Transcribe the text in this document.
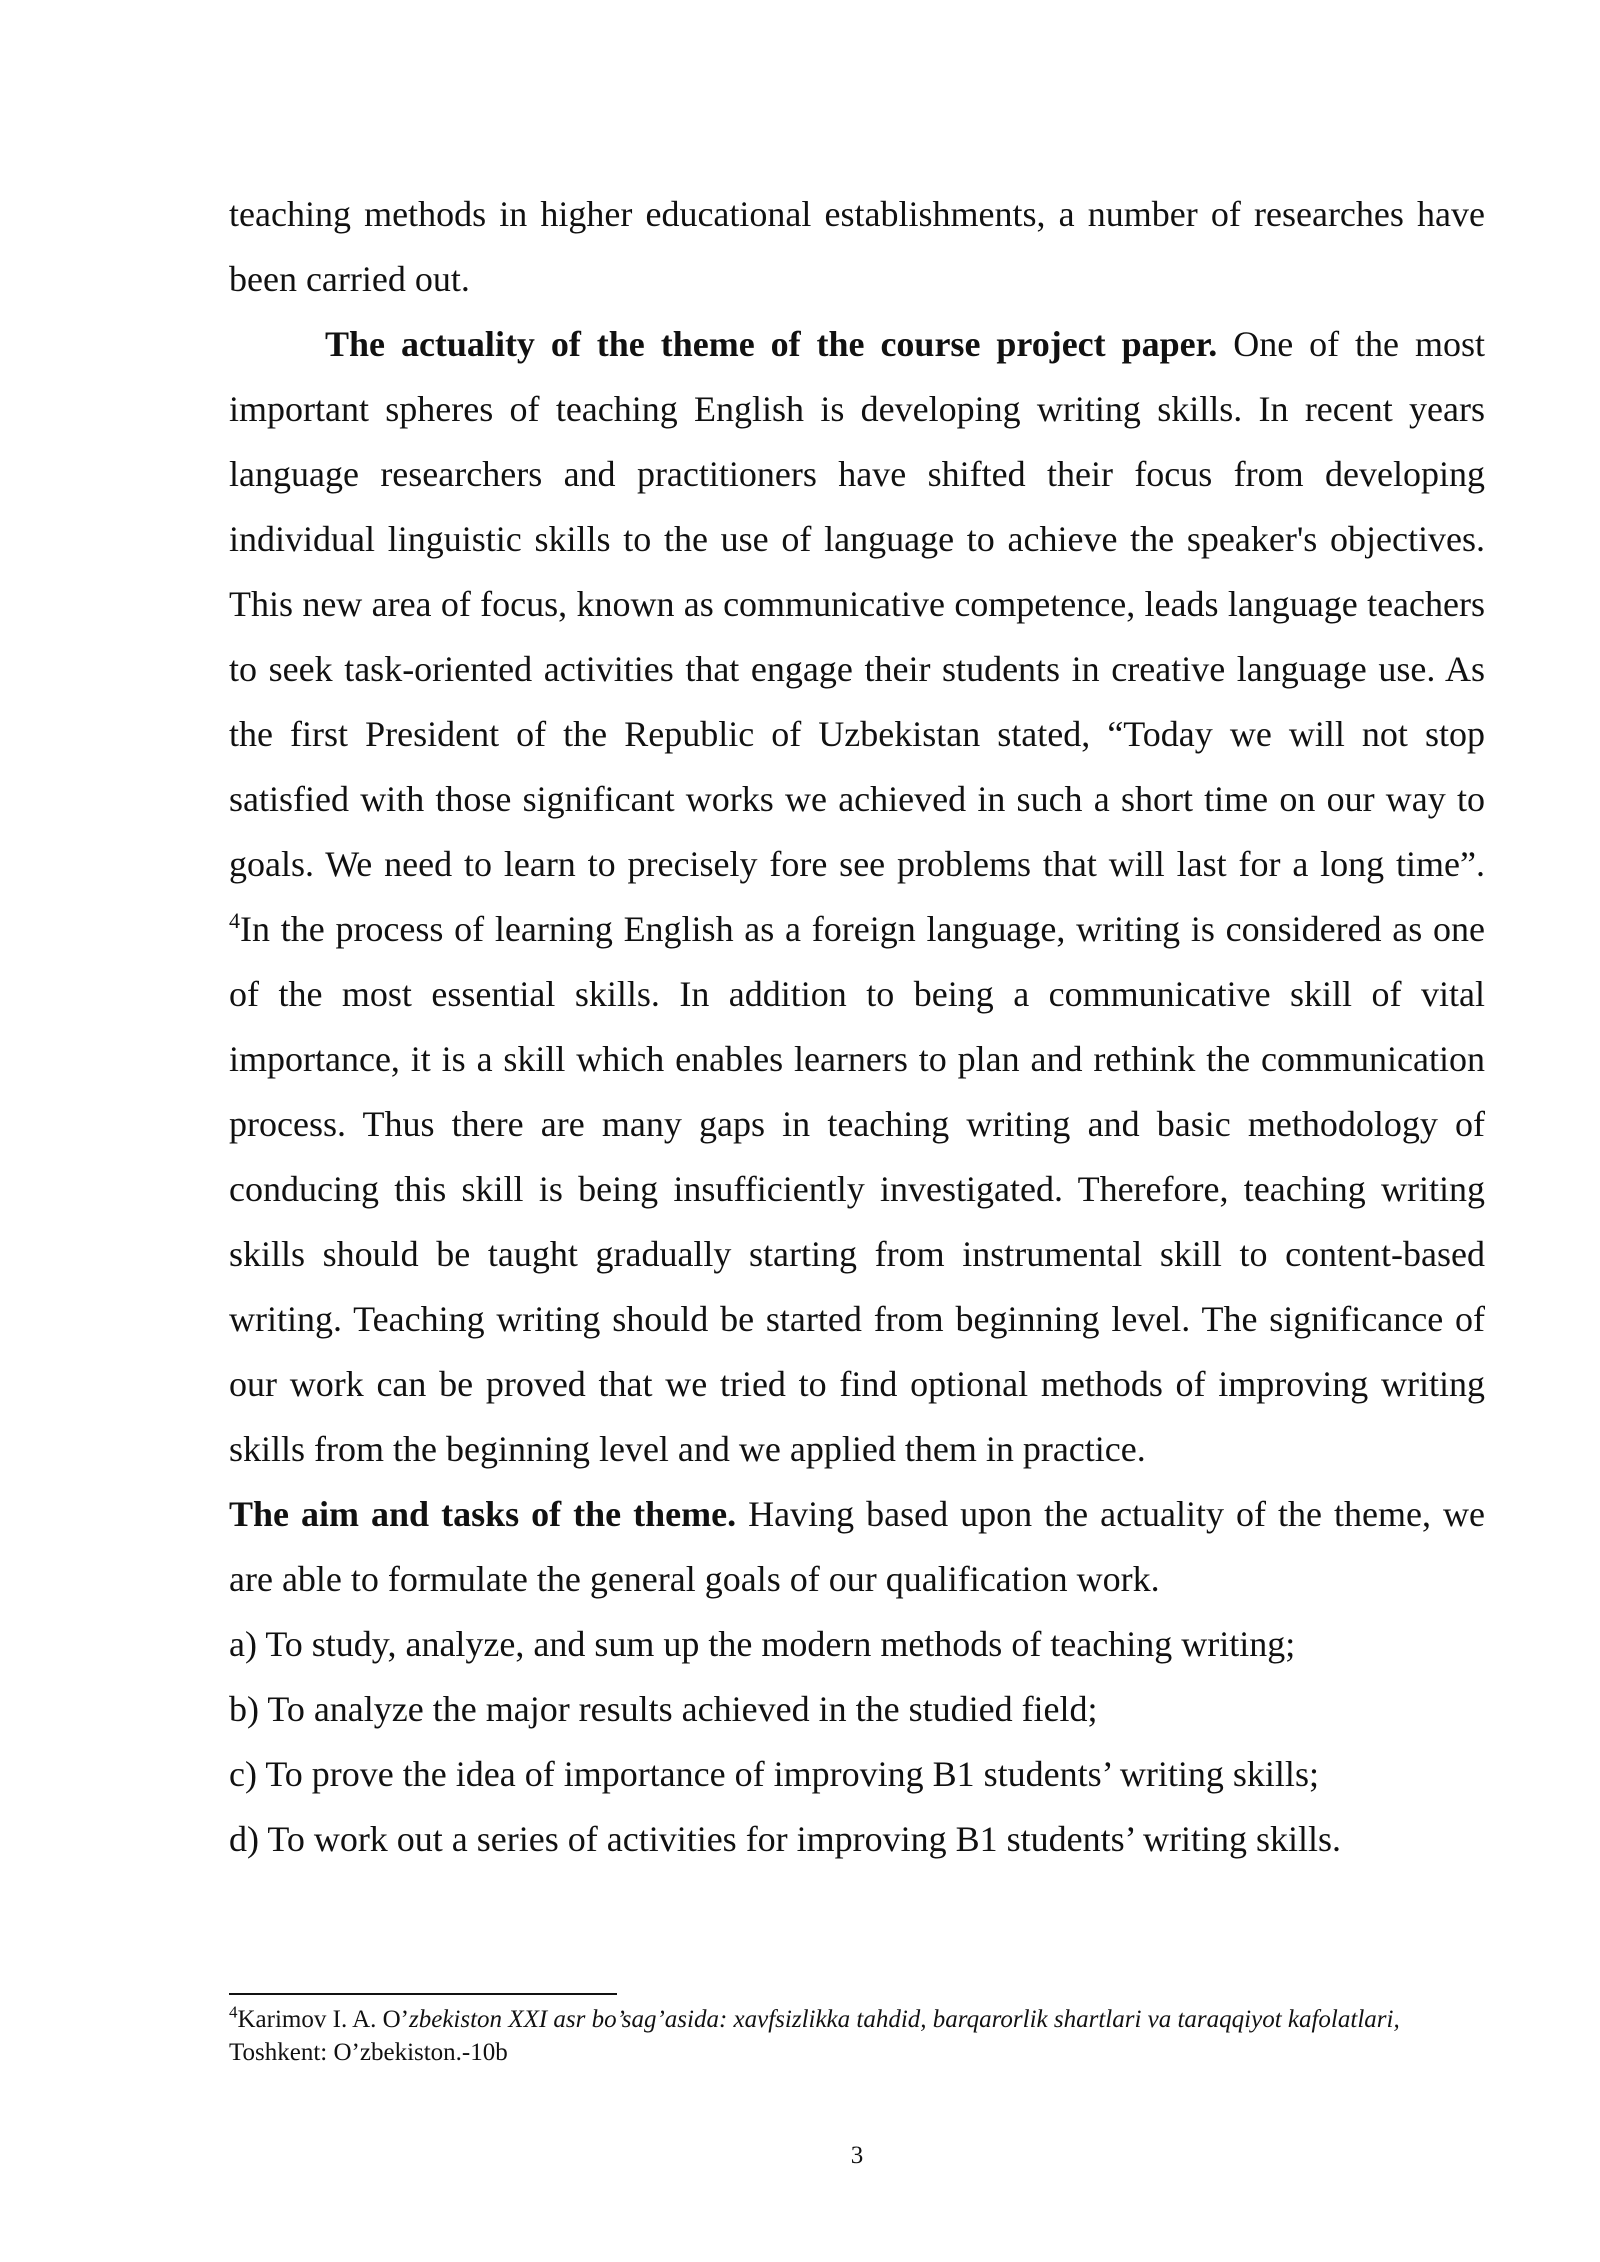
teaching methods in higher educational establishments, a number of researches have been carried out.

The actuality of the theme of the course project paper. One of the most important spheres of teaching English is developing writing skills. In recent years language researchers and practitioners have shifted their focus from developing individual linguistic skills to the use of language to achieve the speaker's objectives. This new area of focus, known as communicative competence, leads language teachers to seek task-oriented activities that engage their students in creative language use. As the first President of the Republic of Uzbekistan stated, “Today we will not stop satisfied with those significant works we achieved in such a short time on our way to goals. We need to learn to precisely fore see problems that will last for a long time”. $^4$In the process of learning English as a foreign language, writing is considered as one of the most essential skills. In addition to being a communicative skill of vital importance, it is a skill which enables learners to plan and rethink the communication process. Thus there are many gaps in teaching writing and basic methodology of conducing this skill is being insufficiently investigated. Therefore, teaching writing skills should be taught gradually starting from instrumental skill to content-based writing. Teaching writing should be started from beginning level. The significance of our work can be proved that we tried to find optional methods of improving writing skills from the beginning level and we applied them in practice.

The aim and tasks of the theme. Having based upon the actuality of the theme, we are able to formulate the general goals of our qualification work.

a) To study, analyze, and sum up the modern methods of teaching writing;

b) To analyze the major results achieved in the studied field;

c) To prove the idea of importance of improving B1 students’ writing skills;

d) To work out a series of activities for improving B1 students’ writing skills.

$^4$Karimov I. A. O’zbekiston XXI asr bo’sag’asida: xavfsizlikka tahdid, barqarorlik shartlari va taraqqiyot kafolatlari, Toshkent: O’zbekiston.-10b
3
